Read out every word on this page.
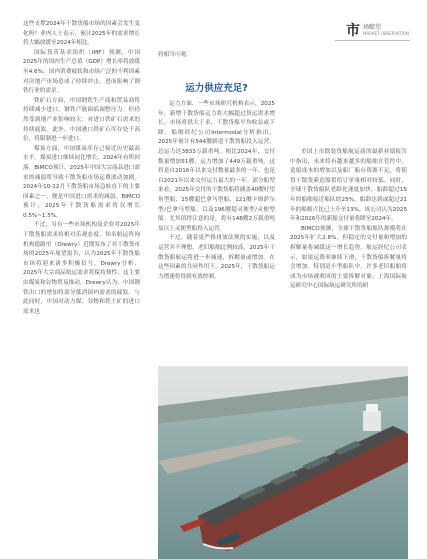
市 场瞭望
MARKET OBSERVATION

这些支撑2024年干散货船市场的因素会发生变化吗？业内人士表示，预计2025年的需求增长将大幅放缓至2024年相比。

国际货币基金组织（IMF）预测，中国2025年的国内生产总值（GDP）增长率将放缓至4.6%。国内消费疲软和市场广泛的不利因素对房地产市场造成了持续冲击，进而影响了钢铁行业的需求。

铁矿石方面，中国钢铁生产商和贸易商将持续减少进口，钢铁产能面临调整压力。但仍然受到地产业影响较大。对进口铁矿石需求的持续疲软。此外，中国港口铁矿石库存处于高位，将限制进一步进口。

煤炭方面，中国煤炭库存已接近历史最高水平。煤炭进口继续同比增长，2024年有所回落。BIMCO预计，2025年中国大宗商品进口需求的减弱将导致干散货船市场运费波动加剧。2024年10-12月干散货船市场急转直下的主要因素之一，便是中国进口需求的减弱。BIMCO预计，2025年干散货船需求将仅增长0.5%~1.5%。

不过，另有一些市场机构及企业对2025年干散货船需求持相对乐观态度。知名航运咨询机构德路里（Drewry）近期发布了对干散货市场的2025年展望报告，认为2025年干散货船市场将迎来诸多积极信号。Drewry分析，2025年大宗商品航运需求将保持韧性，这主要由煤炭和谷物贸易推动。Drewry认为，中国钢铁出口的增加将部分抵消国内需求的疲软。与此同时，中国对动力煤、谷物和铁土矿的进口需求也

将相当可观。
运力供应充足?

运力方面，一些市场研究机构表示，2025年，新增干散货船运力将大幅超过货运需求增长，市场将供大于求，干散货船平均收益或下降。船舶经纪公司Intermodal分析指出，2025年预计有544艘新造干散货船投入运营，总运力达3833万载重吨。相比2024年，交付数量增加51艘，运力增加了449万载重吨。这将是自2016年以来交付数量最多的一年。也是自2021年以来交付运力最大的一年。部分船型来看，2025年交付的干散货船将涵盖40艘好望角型船、15艘超巴拿马型船、121艘卡姆萨尔型/巴拿马型船、以及196艘超灵便型/灵便型船。尤其值得注意的是，将有148艘2万载重吨及以上灵便型船投入运营。

不过，随着更严格排放法规的实施，以及运营并不理想、老旧船舶比例较高，2025年干散货船航运将进一步减速，拆解量或增加。在这些因素的共同作用下，2025年，干散货船运力增速将得到有效控制。

美国上市散装货船航运商的最新业绩报告中指出，未来将有越来越多的船舶在管控中，造船成本的增加以及船厂船台资源不足，将使得干散货新造船供给订单量相对较低。同时，全球干散货船队老龄化速度加快。船龄超过15年的船舶接近船队的25%，船龄达到或超过21年的船舶占比已上升至13%。该公司认为2025年和2026年的新船交付量将降至2024年。

BIMCO预测，全球干散货船船队规模将在2025年扩大2.8%。但稳定的交付量和增加的拆解量将减缓这一增长趋势。航运经纪公司表示，如果运费率继续下滑，干散货船拆解量将会增加。特别是小型船队中，许多老旧船舶将成为市场被收回的主要拆解对象。上海国际航运研究中心国际航运研究所的研
